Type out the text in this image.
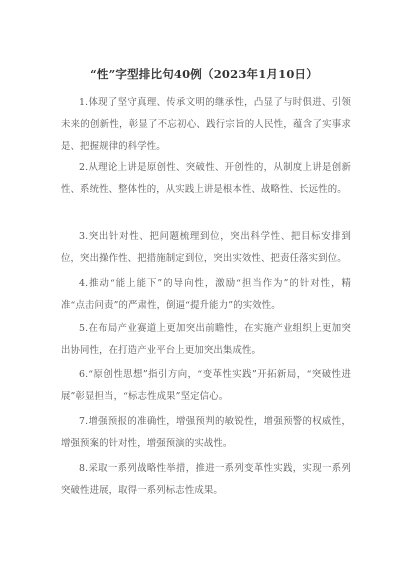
“性”字型排比句40例（2023年1月10日）

1.体现了坚守真理、传承文明的继承性，凸显了与时俱进、引领未来的创新性，彰显了不忘初心、践行宗旨的人民性，蕴含了实事求是、把握规律的科学性。

2.从理论上讲是原创性、突破性、开创性的，从制度上讲是创新性、系统性、整体性的，从实践上讲是根本性、战略性、长远性的。

3.突出针对性、把问题梳理到位，突出科学性、把目标安排到位，突出操作性、把措施制定到位，突出实效性、把责任落实到位。

4.推动“能上能下”的导向性，激励“担当作为”的针对性，精准“点击问责”的严肃性，倒逼“提升能力”的实效性。

5.在布局产业赛道上更加突出前瞻性，在实施产业组织上更加突出协同性，在打造产业平台上更加突出集成性。

6.“原创性思想”指引方向，“变革性实践”开拓新局，“突破性进展”彰显担当，“标志性成果”坚定信心。

7.增强预报的准确性，增强预判的敏锐性，增强预警的权威性，增强预案的针对性，增强预演的实战性。

8.采取一系列战略性举措，推进一系列变革性实践，实现一系列突破性进展，取得一系列标志性成果。
